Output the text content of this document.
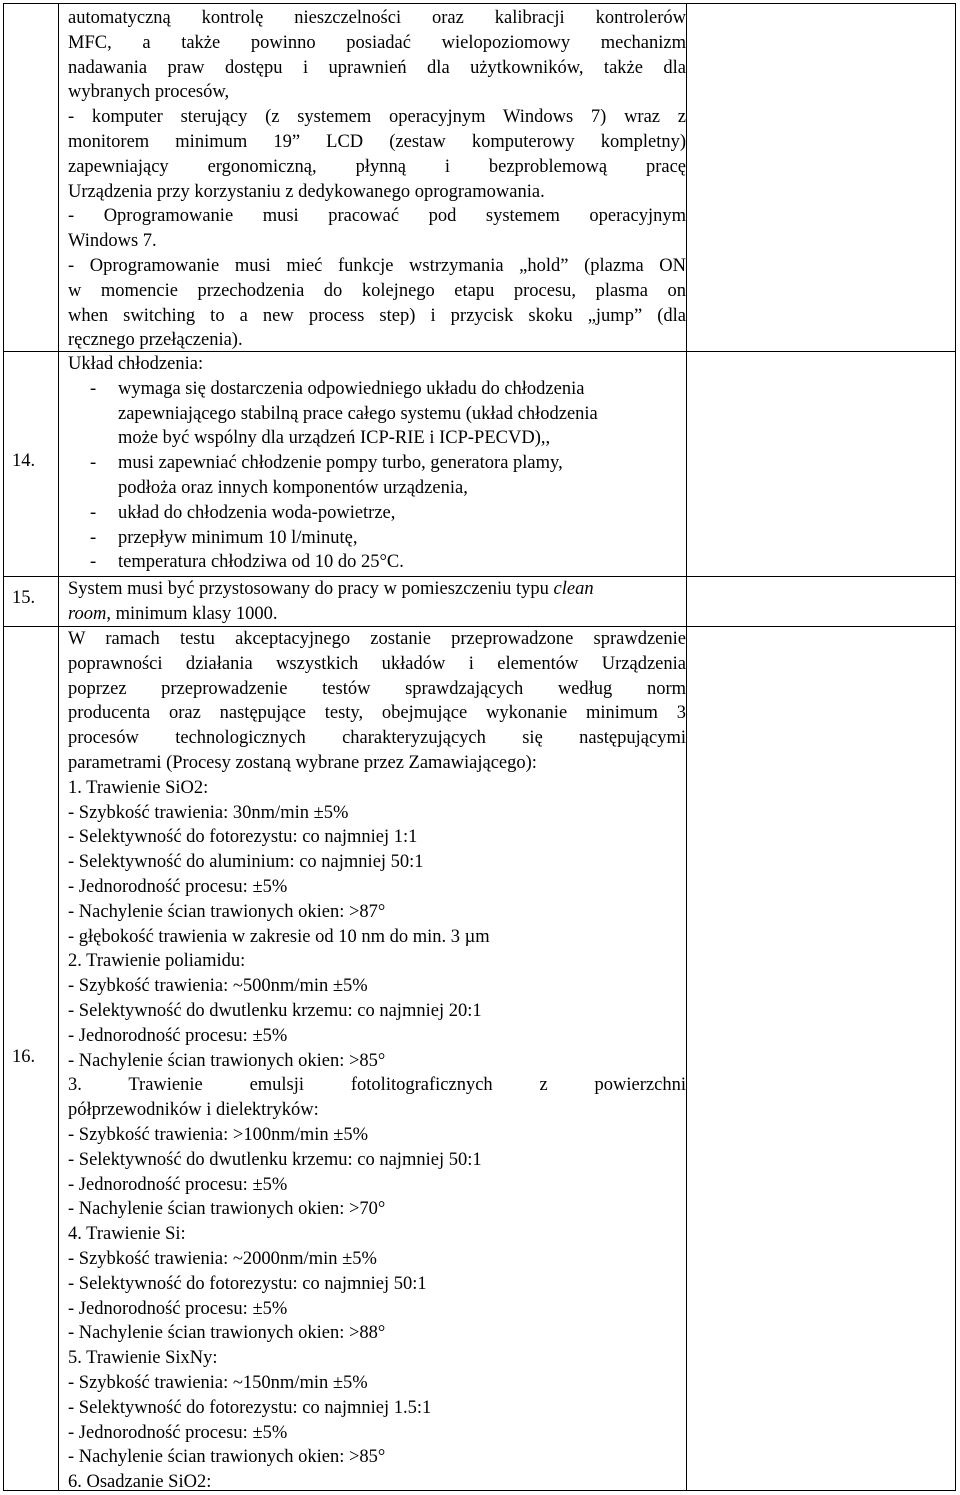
automatyczną kontrolę nieszczelności oraz kalibracji kontrolerów

MFC, a także powinno posiadać wielopoziomowy mechanizm

nadawania praw dostępu i uprawnień dla użytkowników, także dla

wybranych procesów,

- komputer sterujący (z systemem operacyjnym Windows 7) wraz z

monitorem minimum 19” LCD (zestaw komputerowy kompletny)

zapewniający ergonomiczną, płynną i bezproblemową pracę

Urządzenia przy korzystaniu z dedykowanego oprogramowania.

- Oprogramowanie musi pracować pod systemem operacyjnym

Windows 7.

- Oprogramowanie musi mieć funkcje wstrzymania „hold” (plazma ON

w momencie przechodzenia do kolejnego etapu procesu, plasma on

when switching to a new process step) i przycisk skoku „jump” (dla

ręcznego przełączenia).

14.

Układ chłodzenia:

- wymaga się dostarczenia odpowiedniego układu do chłodzenia

zapewniającego stabilną prace całego systemu (układ chłodzenia

może być wspólny dla urządzeń ICP-RIE i ICP-PECVD),,

- musi zapewniać chłodzenie pompy turbo, generatora plamy,

podłoża oraz innych komponentów urządzenia,

- układ do chłodzenia woda-powietrze,

- przepływ minimum 10 l/minutę,

- temperatura chłodziwa od 10 do 25°C.

15. System musi być przystosowany do pracy w pomieszczeniu typu clean

room, minimum klasy 1000.

16.

W ramach testu akceptacyjnego zostanie przeprowadzone sprawdzenie

poprawności działania wszystkich układów i elementów Urządzenia

poprzez przeprowadzenie testów sprawdzających według norm

producenta oraz następujące testy, obejmujące wykonanie minimum 3

procesów technologicznych charakteryzujących się następującymi

parametrami (Procesy zostaną wybrane przez Zamawiającego):

1. Trawienie SiO2:

- Szybkość trawienia: 30nm/min ±5%

- Selektywność do fotorezystu: co najmniej 1:1

- Selektywność do aluminium: co najmniej 50:1

- Jednorodność procesu: ±5%

- Nachylenie ścian trawionych okien: >87°

- głębokość trawienia w zakresie od 10 nm do min. 3 µm

2. Trawienie poliamidu:

- Szybkość trawienia: ~500nm/min ±5%

- Selektywność do dwutlenku krzemu: co najmniej 20:1

- Jednorodność procesu: ±5%

- Nachylenie ścian trawionych okien: >85°

3. Trawienie emulsji fotolitograficznych z powierzchni

półprzewodników i dielektryków:

- Szybkość trawienia: >100nm/min ±5%

- Selektywność do dwutlenku krzemu: co najmniej 50:1

- Jednorodność procesu: ±5%

- Nachylenie ścian trawionych okien: >70°

4. Trawienie Si:

- Szybkość trawienia: ~2000nm/min ±5%

- Selektywność do fotorezystu: co najmniej 50:1

- Jednorodność procesu: ±5%

- Nachylenie ścian trawionych okien: >88°

5. Trawienie SixNy:

- Szybkość trawienia: ~150nm/min ±5%

- Selektywność do fotorezystu: co najmniej 1.5:1

- Jednorodność procesu: ±5%

- Nachylenie ścian trawionych okien: >85°

6. Osadzanie SiO2:
